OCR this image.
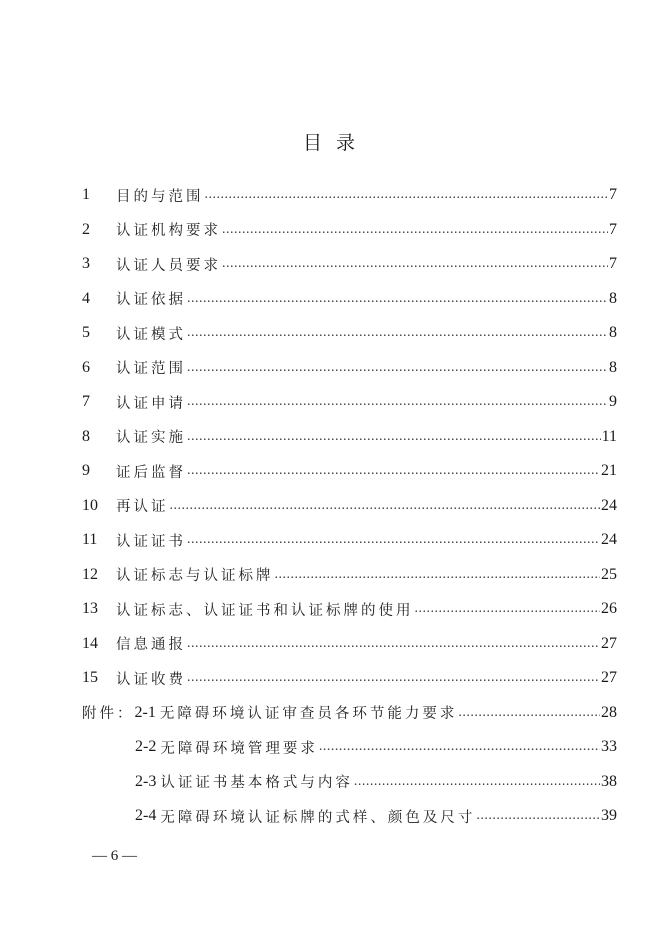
目录
1	目的与范围 .....	7
2	认证机构要求 .....	7
3	认证人员要求 .....	7
4	认证依据 .....	8
5	认证模式 .....	8
6	认证范围 .....	8
7	认证申请 .....	9
8	认证实施 .....	11
9	证后监督 .....	21
10	再认证 .....	24
11	认证证书 .....	24
12	认证标志与认证标牌 .....	25
13	认证标志、认证证书和认证标牌的使用 .....	26
14	信息通报 .....	27
15	认证收费 .....	27
附件： 2-1 无障碍环境认证审查员各环节能力要求 .....	28
2-2 无障碍环境管理要求 .....	33
2-3 认证证书基本格式与内容 .....	38
2-4 无障碍环境认证标牌的式样、颜色及尺寸 .....	39
— 6 —
